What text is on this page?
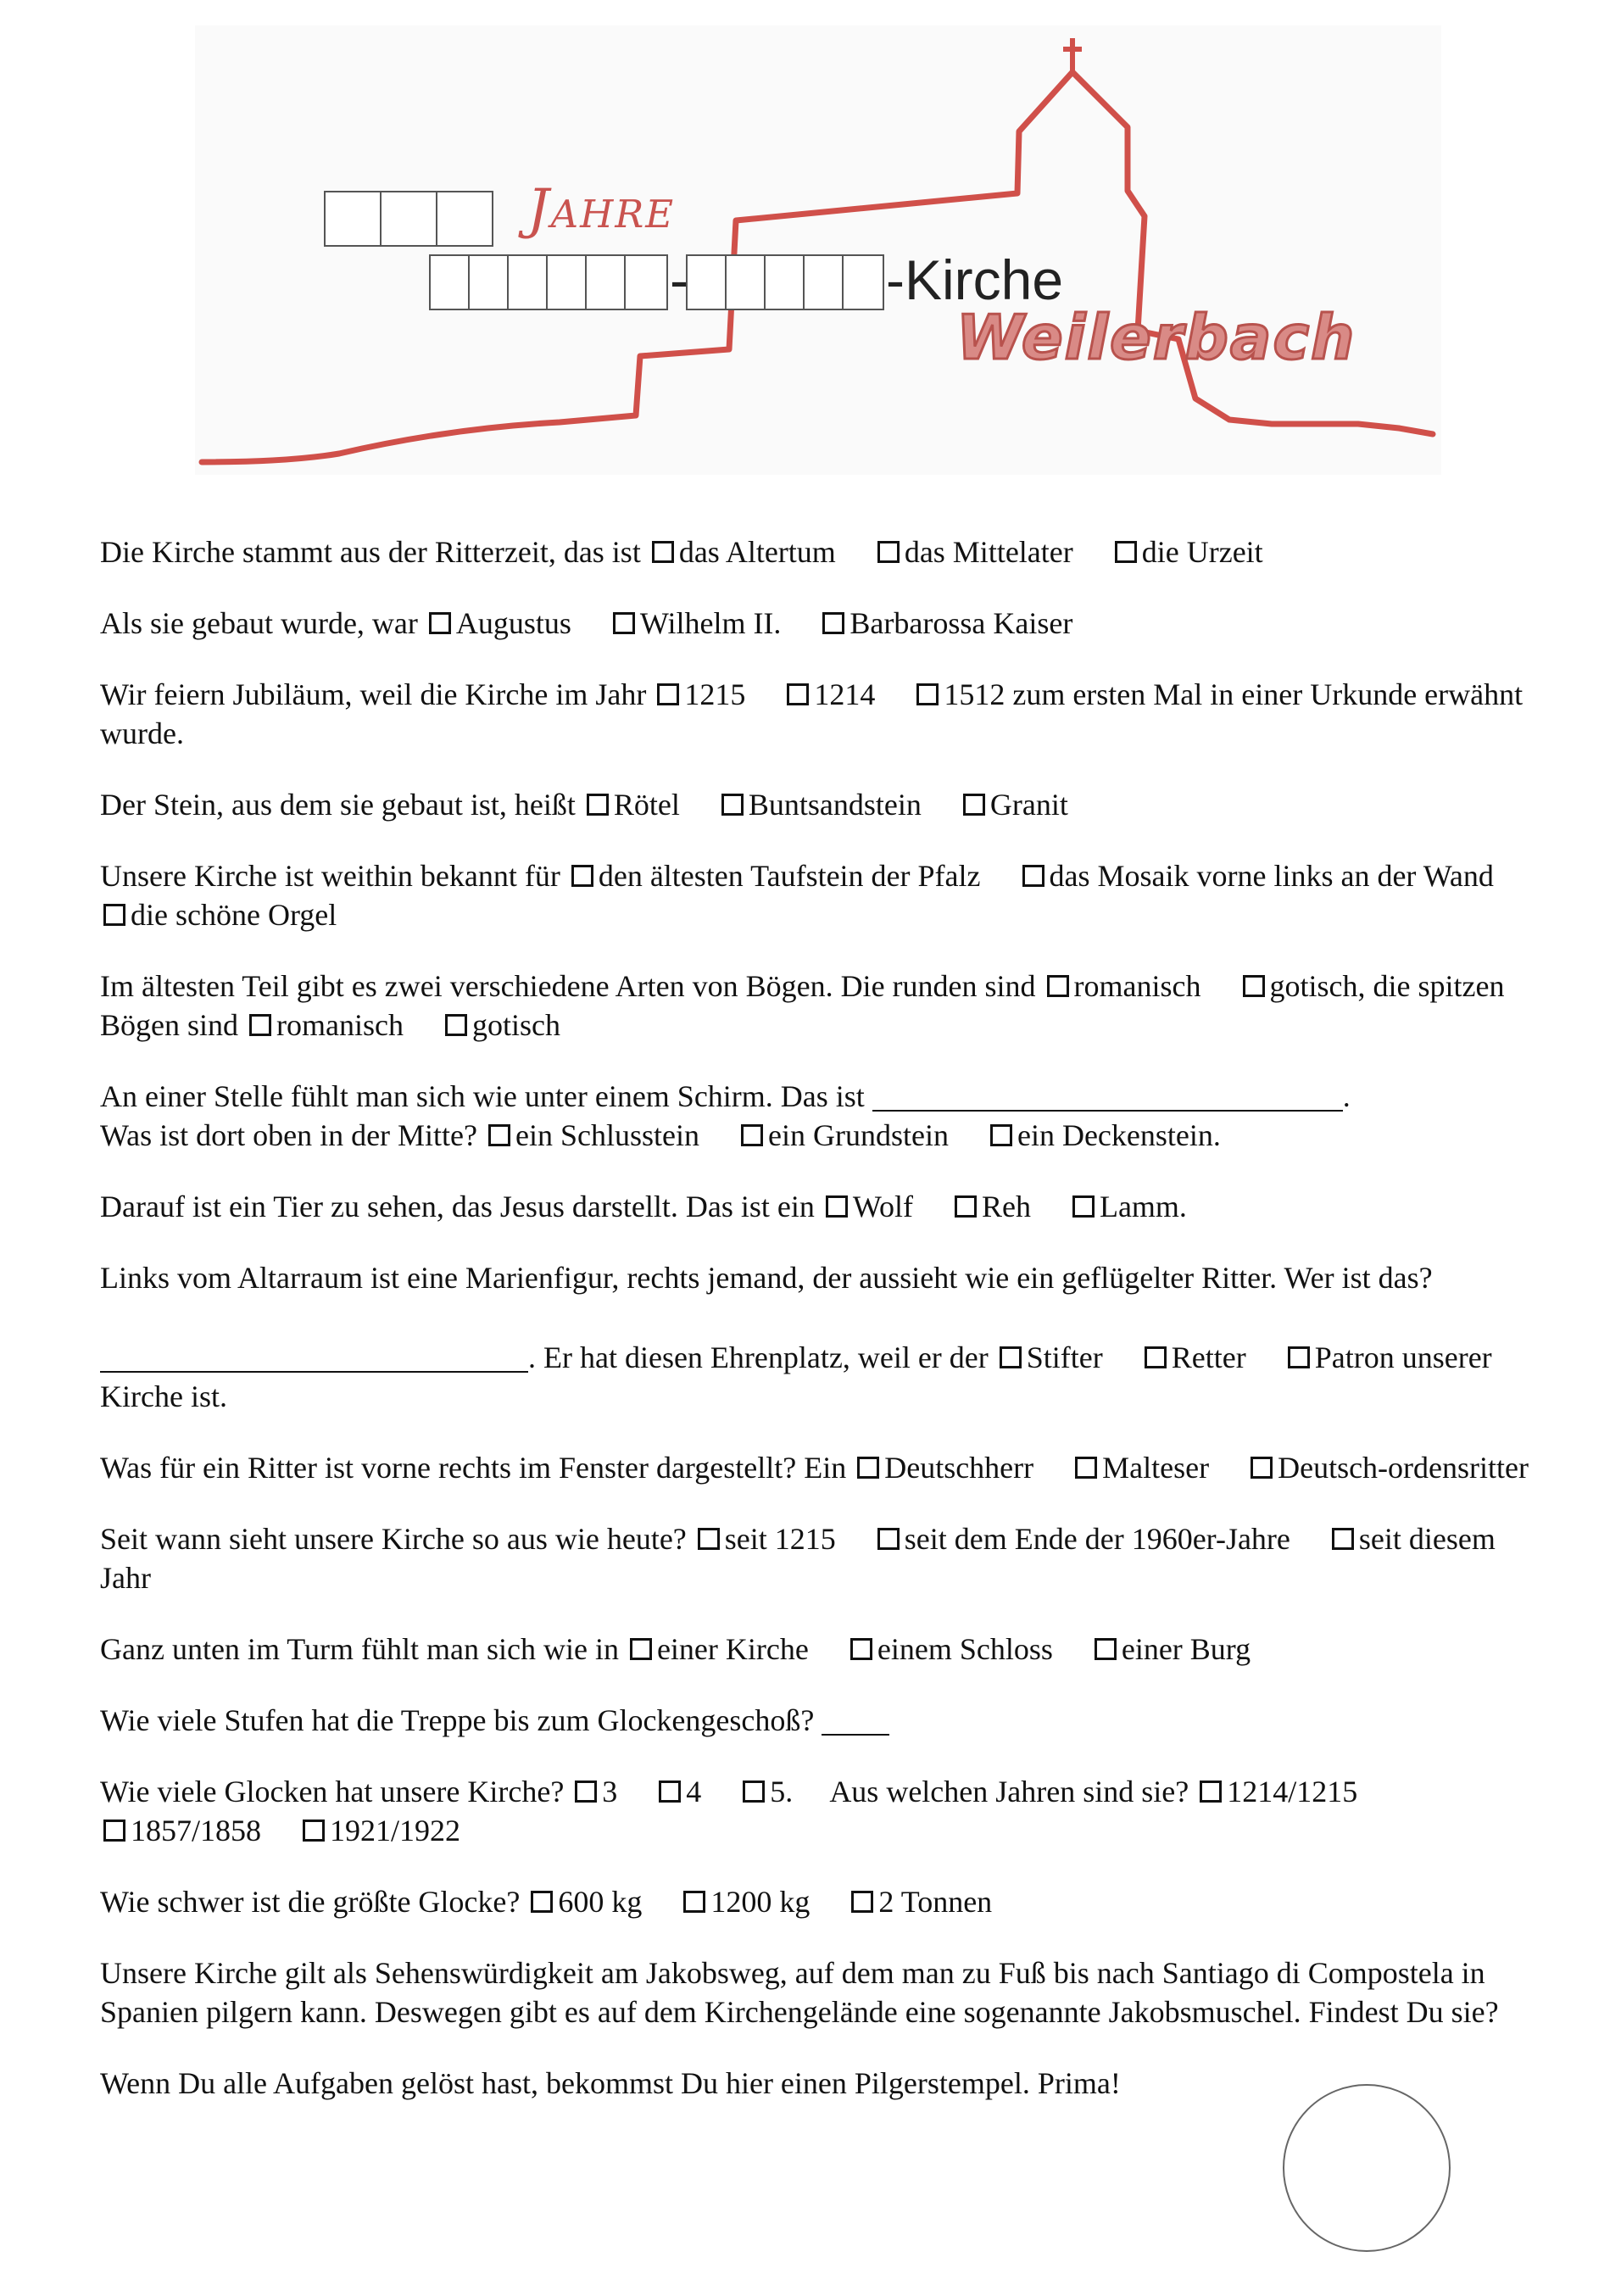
Jahre
-	-Kirche
Weilerbach
Die Kirche stammt aus der Ritterzeit, das ist das Altertum das Mittelater die Urzeit
Als sie gebaut wurde, war Augustus Wilhelm II. Barbarossa Kaiser
Wir feiern Jubiläum, weil die Kirche im Jahr 1215 1214 1512 zum ersten Mal in einer Urkunde erwähnt wurde.
Der Stein, aus dem sie gebaut ist, heißt Rötel Buntsandstein Granit
Unsere Kirche ist weithin bekannt für den ältesten Taufstein der Pfalz das Mosaik vorne links an der Wand die schöne Orgel
Im ältesten Teil gibt es zwei verschiedene Arten von Bögen. Die runden sind romanisch gotisch, die spitzen Bögen sind romanisch gotisch
An einer Stelle fühlt man sich wie unter einem Schirm. Das ist	.
Was ist dort oben in der Mitte? ein Schlusstein ein Grundstein ein Deckenstein.
Darauf ist ein Tier zu sehen, das Jesus darstellt. Das ist ein Wolf Reh Lamm.
Links vom Altarraum ist eine Marienfigur, rechts jemand, der aussieht wie ein geflügelter Ritter. Wer ist das?
. Er hat diesen Ehrenplatz, weil er der Stifter Retter Patron unserer Kirche ist.
Was für ein Ritter ist vorne rechts im Fenster dargestellt? Ein Deutschherr Malteser Deutsch-ordensritter
Seit wann sieht unsere Kirche so aus wie heute? seit 1215 seit dem Ende der 1960er-Jahre seit diesem Jahr
Ganz unten im Turm fühlt man sich wie in einer Kirche einem Schloss einer Burg
Wie viele Stufen hat die Treppe bis zum Glockengeschoß?
Wie viele Glocken hat unsere Kirche? 3 4 5. Aus welchen Jahren sind sie? 1214/1215
1857/1858 1921/1922
Wie schwer ist die größte Glocke? 600 kg 1200 kg 2 Tonnen
Unsere Kirche gilt als Sehenswürdigkeit am Jakobsweg, auf dem man zu Fuß bis nach Santiago di Compostela in Spanien pilgern kann. Deswegen gibt es auf dem Kirchengelände eine sogenannte Jakobsmuschel. Findest Du sie?
Wenn Du alle Aufgaben gelöst hast, bekommst Du hier einen Pilgerstempel. Prima!
